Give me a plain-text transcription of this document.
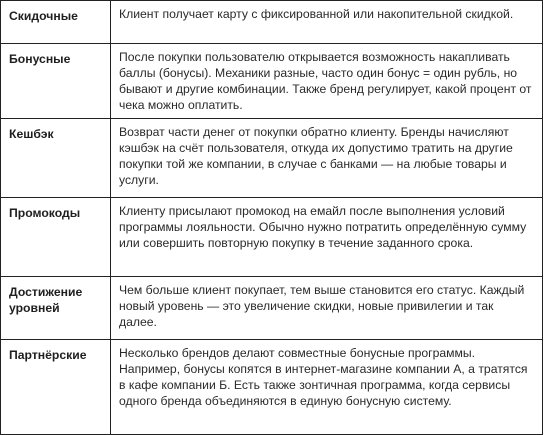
Скидочные	Клиент получает карту с фиксированной или накопительной скидкой.
Бонусные	После покупки пользователю открывается возможность накапливать баллы (бонусы). Механики разные, часто один бонус = один рубль, но бывают и другие комбинации. Также бренд регулирует, какой процент от чека можно оплатить.
Кешбэк	Возврат части денег от покупки обратно клиенту. Бренды начисляют кэшбэк на счёт пользователя, откуда их допустимо тратить на другие покупки той же компании, в случае с банками — на любые товары и услуги.
Промокоды	Клиенту присылают промокод на емайл после выполнения условий программы лояльности. Обычно нужно потратить определённую сумму или совершить повторную покупку в течение заданного срока.
Достижение уровней	Чем больше клиент покупает, тем выше становится его статус. Каждый новый уровень — это увеличение скидки, новые привилегии и так далее.
Партнёрские	Несколько брендов делают совместные бонусные программы. Например, бонусы копятся в интернет-магазине компании А, а тратятся в кафе компании Б. Есть также зонтичная программа, когда сервисы одного бренда объединяются в единую бонусную систему.
